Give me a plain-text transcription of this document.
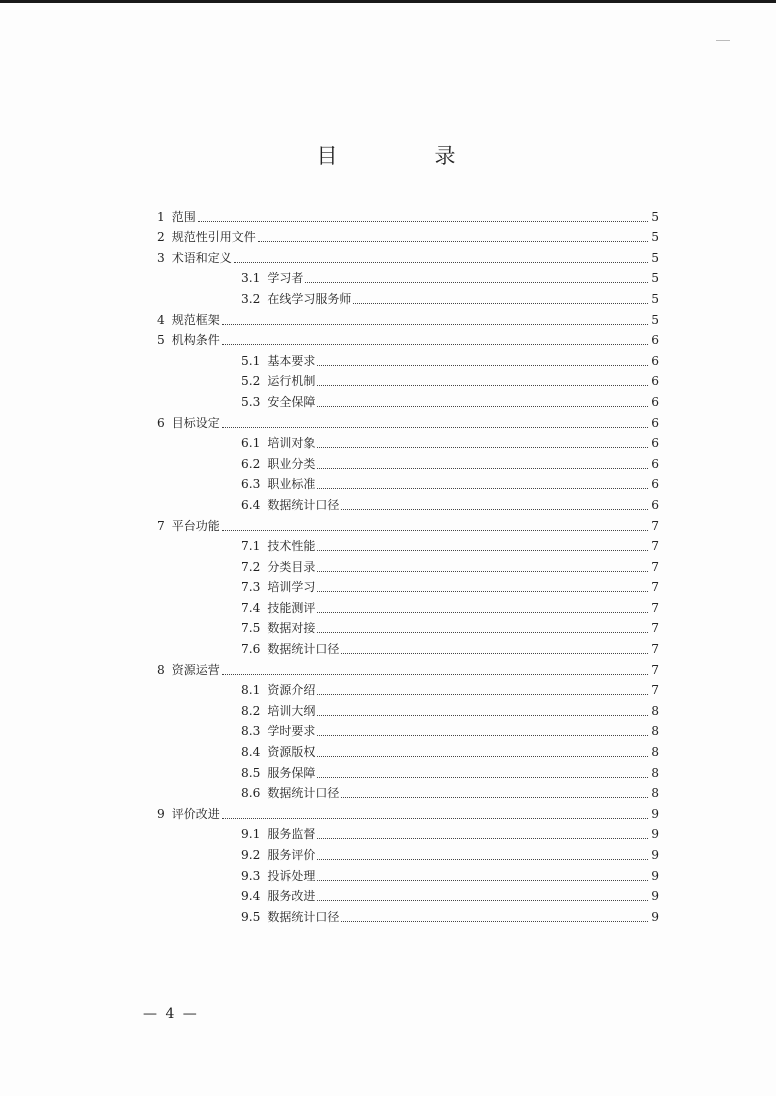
目　录
1 范围	5
2 规范性引用文件	5
3 术语和定义	5
3.1 学习者	5
3.2 在线学习服务师	5
4 规范框架	5
5 机构条件	6
5.1 基本要求	6
5.2 运行机制	6
5.3 安全保障	6
6 目标设定	6
6.1 培训对象	6
6.2 职业分类	6
6.3 职业标准	6
6.4 数据统计口径	6
7 平台功能	7
7.1 技术性能	7
7.2 分类目录	7
7.3 培训学习	7
7.4 技能测评	7
7.5 数据对接	7
7.6 数据统计口径	7
8 资源运营	7
8.1 资源介绍	7
8.2 培训大纲	8
8.3 学时要求	8
8.4 资源版权	8
8.5 服务保障	8
8.6 数据统计口径	8
9 评价改进	9
9.1 服务监督	9
9.2 服务评价	9
9.3 投诉处理	9
9.4 服务改进	9
9.5 数据统计口径	9
— 4 —
